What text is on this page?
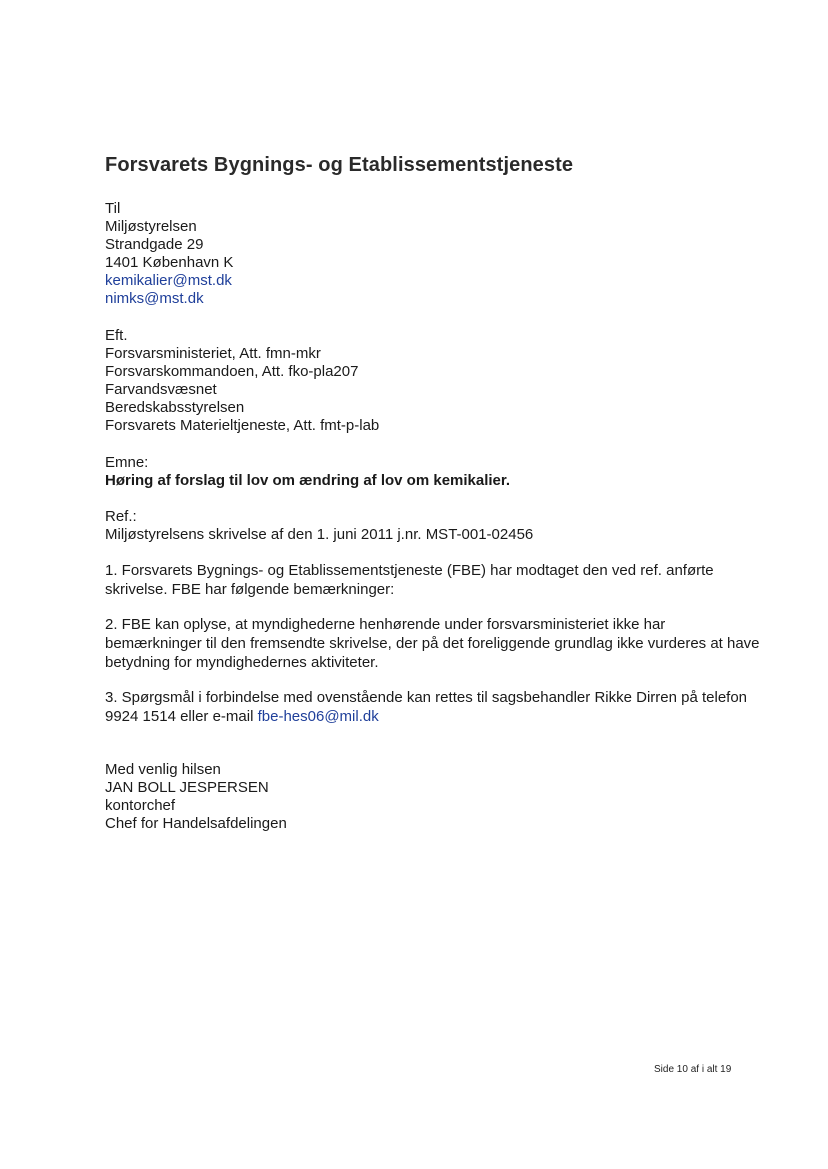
Forsvarets Bygnings- og Etablissementstjeneste
Til
Miljøstyrelsen
Strandgade 29
1401 København K
kemikalier@mst.dk
nimks@mst.dk
Eft.
Forsvarsministeriet, Att. fmn-mkr
Forsvarskommandoen, Att. fko-pla207
Farvandsvæsnet
Beredskabsstyrelsen
Forsvarets Materieltjeneste, Att. fmt-p-lab
Emne:
Høring af forslag til lov om ændring af lov om kemikalier.
Ref.:
Miljøstyrelsens skrivelse af den 1. juni 2011 j.nr. MST-001-02456

1. Forsvarets Bygnings- og Etablissementstjeneste (FBE) har modtaget den ved ref. anførte skrivelse. FBE har følgende bemærkninger:

2. FBE kan oplyse, at myndighederne henhørende under forsvarsministeriet ikke har bemærkninger til den fremsendte skrivelse, der på det foreliggende grundlag ikke vurderes at have betydning for myndighedernes aktiviteter.

3. Spørgsmål i forbindelse med ovenstående kan rettes til sagsbehandler Rikke Dirren på telefon 9924 1514 eller e-mail fbe-hes06@mil.dk

Med venlig hilsen
JAN BOLL JESPERSEN
kontorchef
Chef for Handelsafdelingen
Side 10 af i alt 19
